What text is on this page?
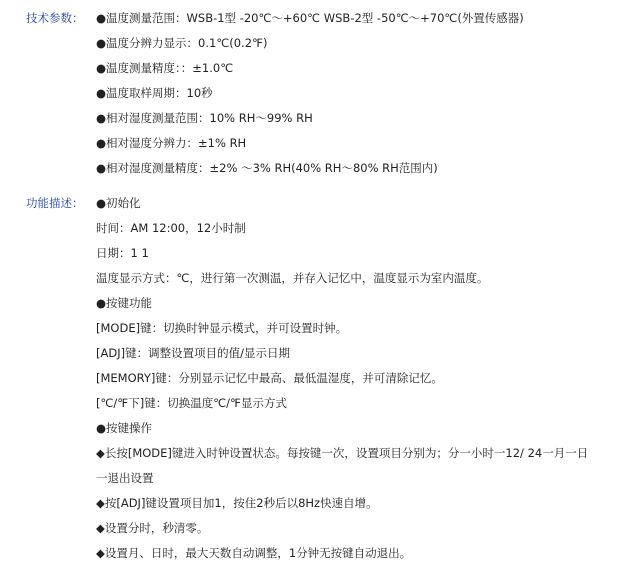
技术参数： ●温度测量范围：WSB-1型 -20℃～+60℃ WSB-2型 -50℃～+70℃(外置传感器)
●温度分辨力显示：0.1℃(0.2℉)
●温度测量精度：：±1.0℃
●温度取样周期：10秒
●相对湿度测量范围：10% RH～99% RH
●相对湿度分辨力：±1% RH
●相对湿度测量精度：±2% ～3% RH(40% RH～80% RH范围内)
功能描述： ●初始化
时间：AM 12:00，12小时制
日期：1 1
温度显示方式：℃，进行第一次测温，并存入记忆中，温度显示为室内温度。
●按键功能
[MODE]键：切换时钟显示模式，并可设置时钟。
[ADJ]键：调整设置项目的值/显示日期
[MEMORY]键：分别显示记忆中最高、最低温湿度，并可清除记忆。
[℃/℉下]键：切换温度℃/℉显示方式
●按键操作
◆长按[MODE]键进入时钟设置状态。每按键一次，设置项目分别为；分一小时一12/ 24一月一日
一退出设置
◆按[ADJ]键设置项目加1，按住2秒后以8Hz快速自增。
◆设置分时，秒清零。
◆设置月、日时，最大天数自动调整，1分钟无按键自动退出。
